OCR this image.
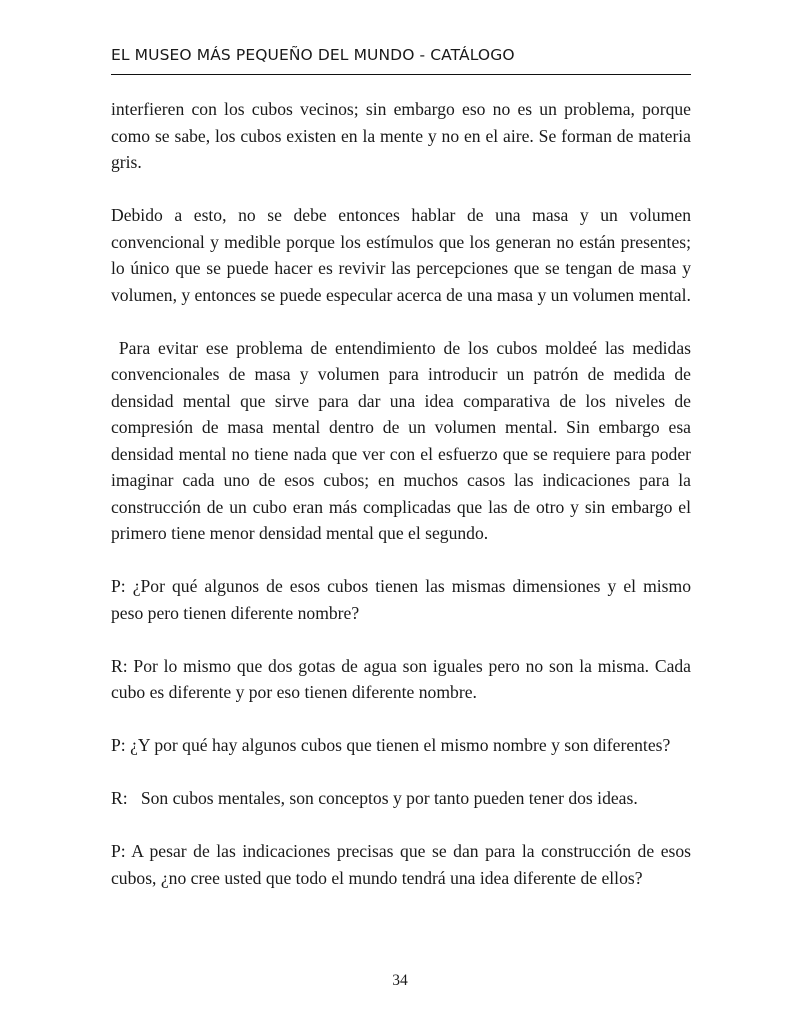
EL MUSEO MÁS PEQUEÑO DEL MUNDO - CATÁLOGO

interfieren con los cubos vecinos; sin embargo eso no es un problema, porque como se sabe, los cubos existen en la mente y no en el aire. Se forman de materia gris.

Debido a esto, no se debe entonces hablar de una masa y un volumen convencional y medible porque los estímulos que los generan no están presentes; lo único que se puede hacer es revivir las percepciones que se tengan de masa y volumen, y entonces se puede especular acerca de una masa y un volumen mental.

Para evitar ese problema de entendimiento de los cubos moldeé las medidas convencionales de masa y volumen para introducir un patrón de medida de densidad mental que sirve para dar una idea comparativa de los niveles de compresión de masa mental dentro de un volumen mental. Sin embargo esa densidad mental no tiene nada que ver con el esfuerzo que se requiere para poder imaginar cada uno de esos cubos; en muchos casos las indicaciones para la construcción de un cubo eran más complicadas que las de otro y sin embargo el primero tiene menor densidad mental que el segundo.

P: ¿Por qué algunos de esos cubos tienen las mismas dimensiones y el mismo peso pero tienen diferente nombre?

R: Por lo mismo que dos gotas de agua son iguales pero no son la misma. Cada cubo es diferente y por eso tienen diferente nombre.

P: ¿Y por qué hay algunos cubos que tienen el mismo nombre y son diferentes?

R:   Son cubos mentales, son conceptos y por tanto pueden tener dos ideas.

P: A pesar de las indicaciones precisas que se dan para la construcción de esos cubos, ¿no cree usted que todo el mundo tendrá una idea diferente de ellos?

34
